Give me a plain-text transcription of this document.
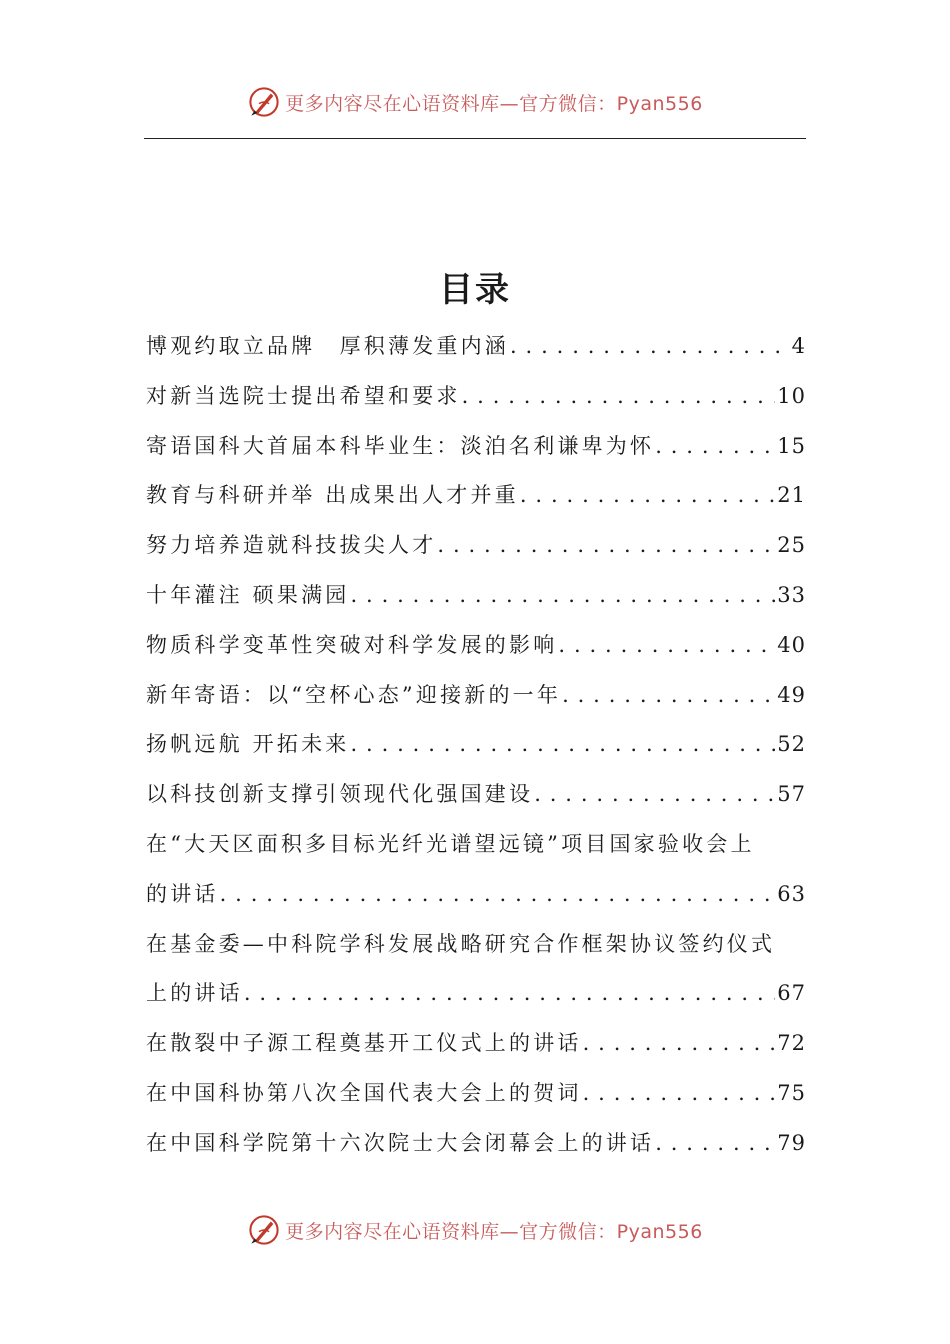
更多内容尽在心语资料库—官方微信：Pyan556
目录
博观约取立品牌　厚积薄发重内涵 . . .	4
对新当选院士提出希望和要求 . . .	10
寄语国科大首届本科毕业生：淡泊名利谦卑为怀 . . .	15
教育与科研并举 出成果出人才并重 . . .	21
努力培养造就科技拔尖人才 . . .	25
十年灌注 硕果满园 . . .	33
物质科学变革性突破对科学发展的影响 . . .	40
新年寄语：以“空杯心态”迎接新的一年 . . .	49
扬帆远航 开拓未来 . . .	52
以科技创新支撑引领现代化强国建设 . . .	57
在“大天区面积多目标光纤光谱望远镜”项目国家验收会上
的讲话 . . .	63
在基金委—中科院学科发展战略研究合作框架协议签约仪式
上的讲话 . . .	67
在散裂中子源工程奠基开工仪式上的讲话 . . .	72
在中国科协第八次全国代表大会上的贺词 . . .	75
在中国科学院第十六次院士大会闭幕会上的讲话 . . .	79
更多内容尽在心语资料库—官方微信：Pyan556
